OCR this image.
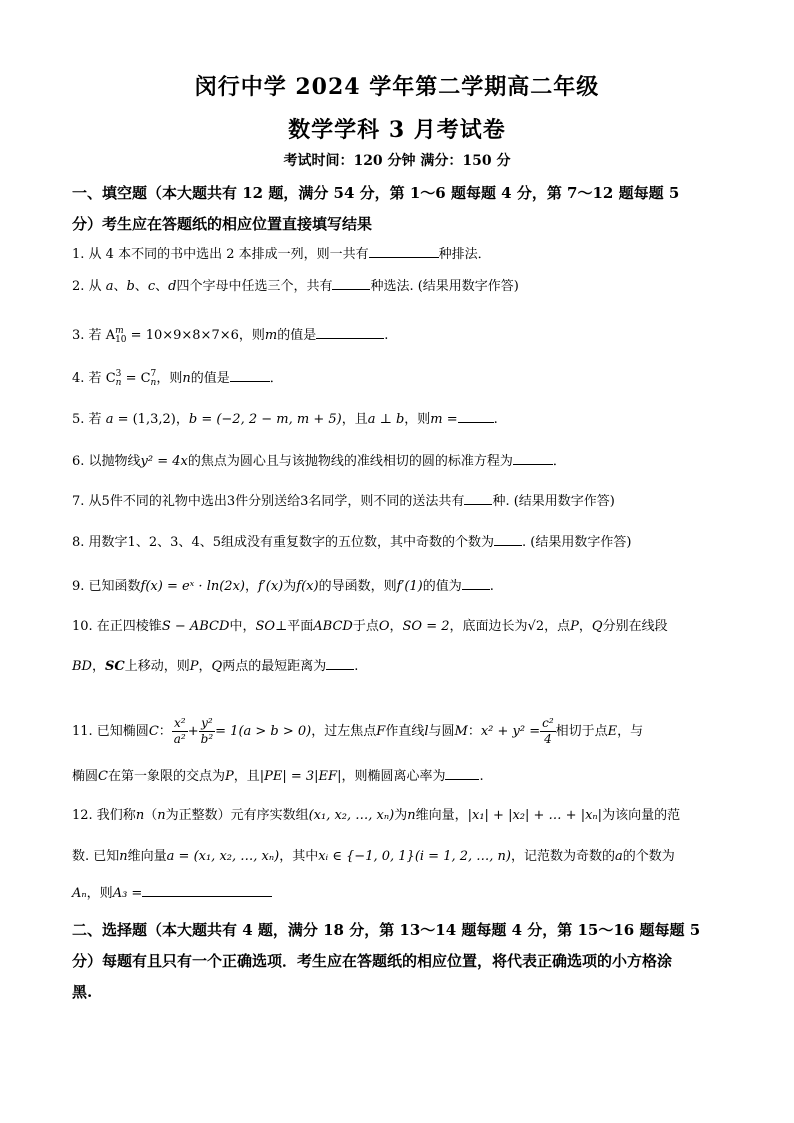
闵行中学 2024 学年第二学期高二年级
数学学科 3 月考试卷
考试时间：120 分钟 满分：150 分
一、填空题（本大题共有 12 题，满分 54 分，第 1～6 题每题 4 分，第 7～12 题每题 5
分）考生应在答题纸的相应位置直接填写结果
1. 从 4 本不同的书中选出 2 本排成一列，则一共有	种排法．
2. 从 a、b、c、d四个字母中任选三个，共有	种选法. (结果用数字作答)
3. 若 A m
10 = 10×9×8×7×6，则m的值是	.
4. 若 C 3
n = C 7
n ，则n的值是	．
5. 若 a = (1,3,2)，b = (−2, 2 − m, m + 5)，且a ⊥ b，则m =	.
6. 以抛物线y² = 4x的焦点为圆心且与该抛物线的准线相切的圆的标准方程为	．
7. 从5件不同的礼物中选出3件分别送给3名同学，则不同的送法共有 种. (结果用数字作答)
8. 用数字1、2、3、4、5组成没有重复数字的五位数，其中奇数的个数为 . (结果用数字作答)
9. 已知函数f(x) = eˣ · ln(2x)，f′(x)为f(x)的导函数，则f′(1)的值为 .
10. 在正四棱锥S − ABCD中，SO⊥平面ABCD于点O，SO = 2，底面边长为√2，点P，Q分别在线段
BD，SC上移动，则P，Q两点的最短距离为 .
11. 已知椭圆C： $\frac{\text{x²}}{\text{a²}} + \frac{\text{y²}}{\text{b²}} = 1(a > b > 0)$，过左焦点F作直线l与圆M：$x^2 + y^2 = \frac{\text{c²}}{4}$ 相切于点E，与
椭圆C在第一象限的交点为P，且|PE| = 3|EF|，则椭圆离心率为	.
12. 我们称n（n为正整数）元有序实数组(x₁, x₂, …, xₙ)为n维向量，|x₁| + |x₂| + … + |xₙ|为该向量的范
数. 已知n维向量a = (x₁, x₂, …, xₙ)，其中xᵢ ∈ {−1, 0, 1}(i = 1, 2, …, n)，记范数为奇数的a的个数为
Aₙ，则A₃ =
二、选择题（本大题共有 4 题，满分 18 分，第 13～14 题每题 4 分，第 15～16 题每题 5
分）每题有且只有一个正确选项．考生应在答题纸的相应位置，将代表正确选项的小方格涂
黑.
